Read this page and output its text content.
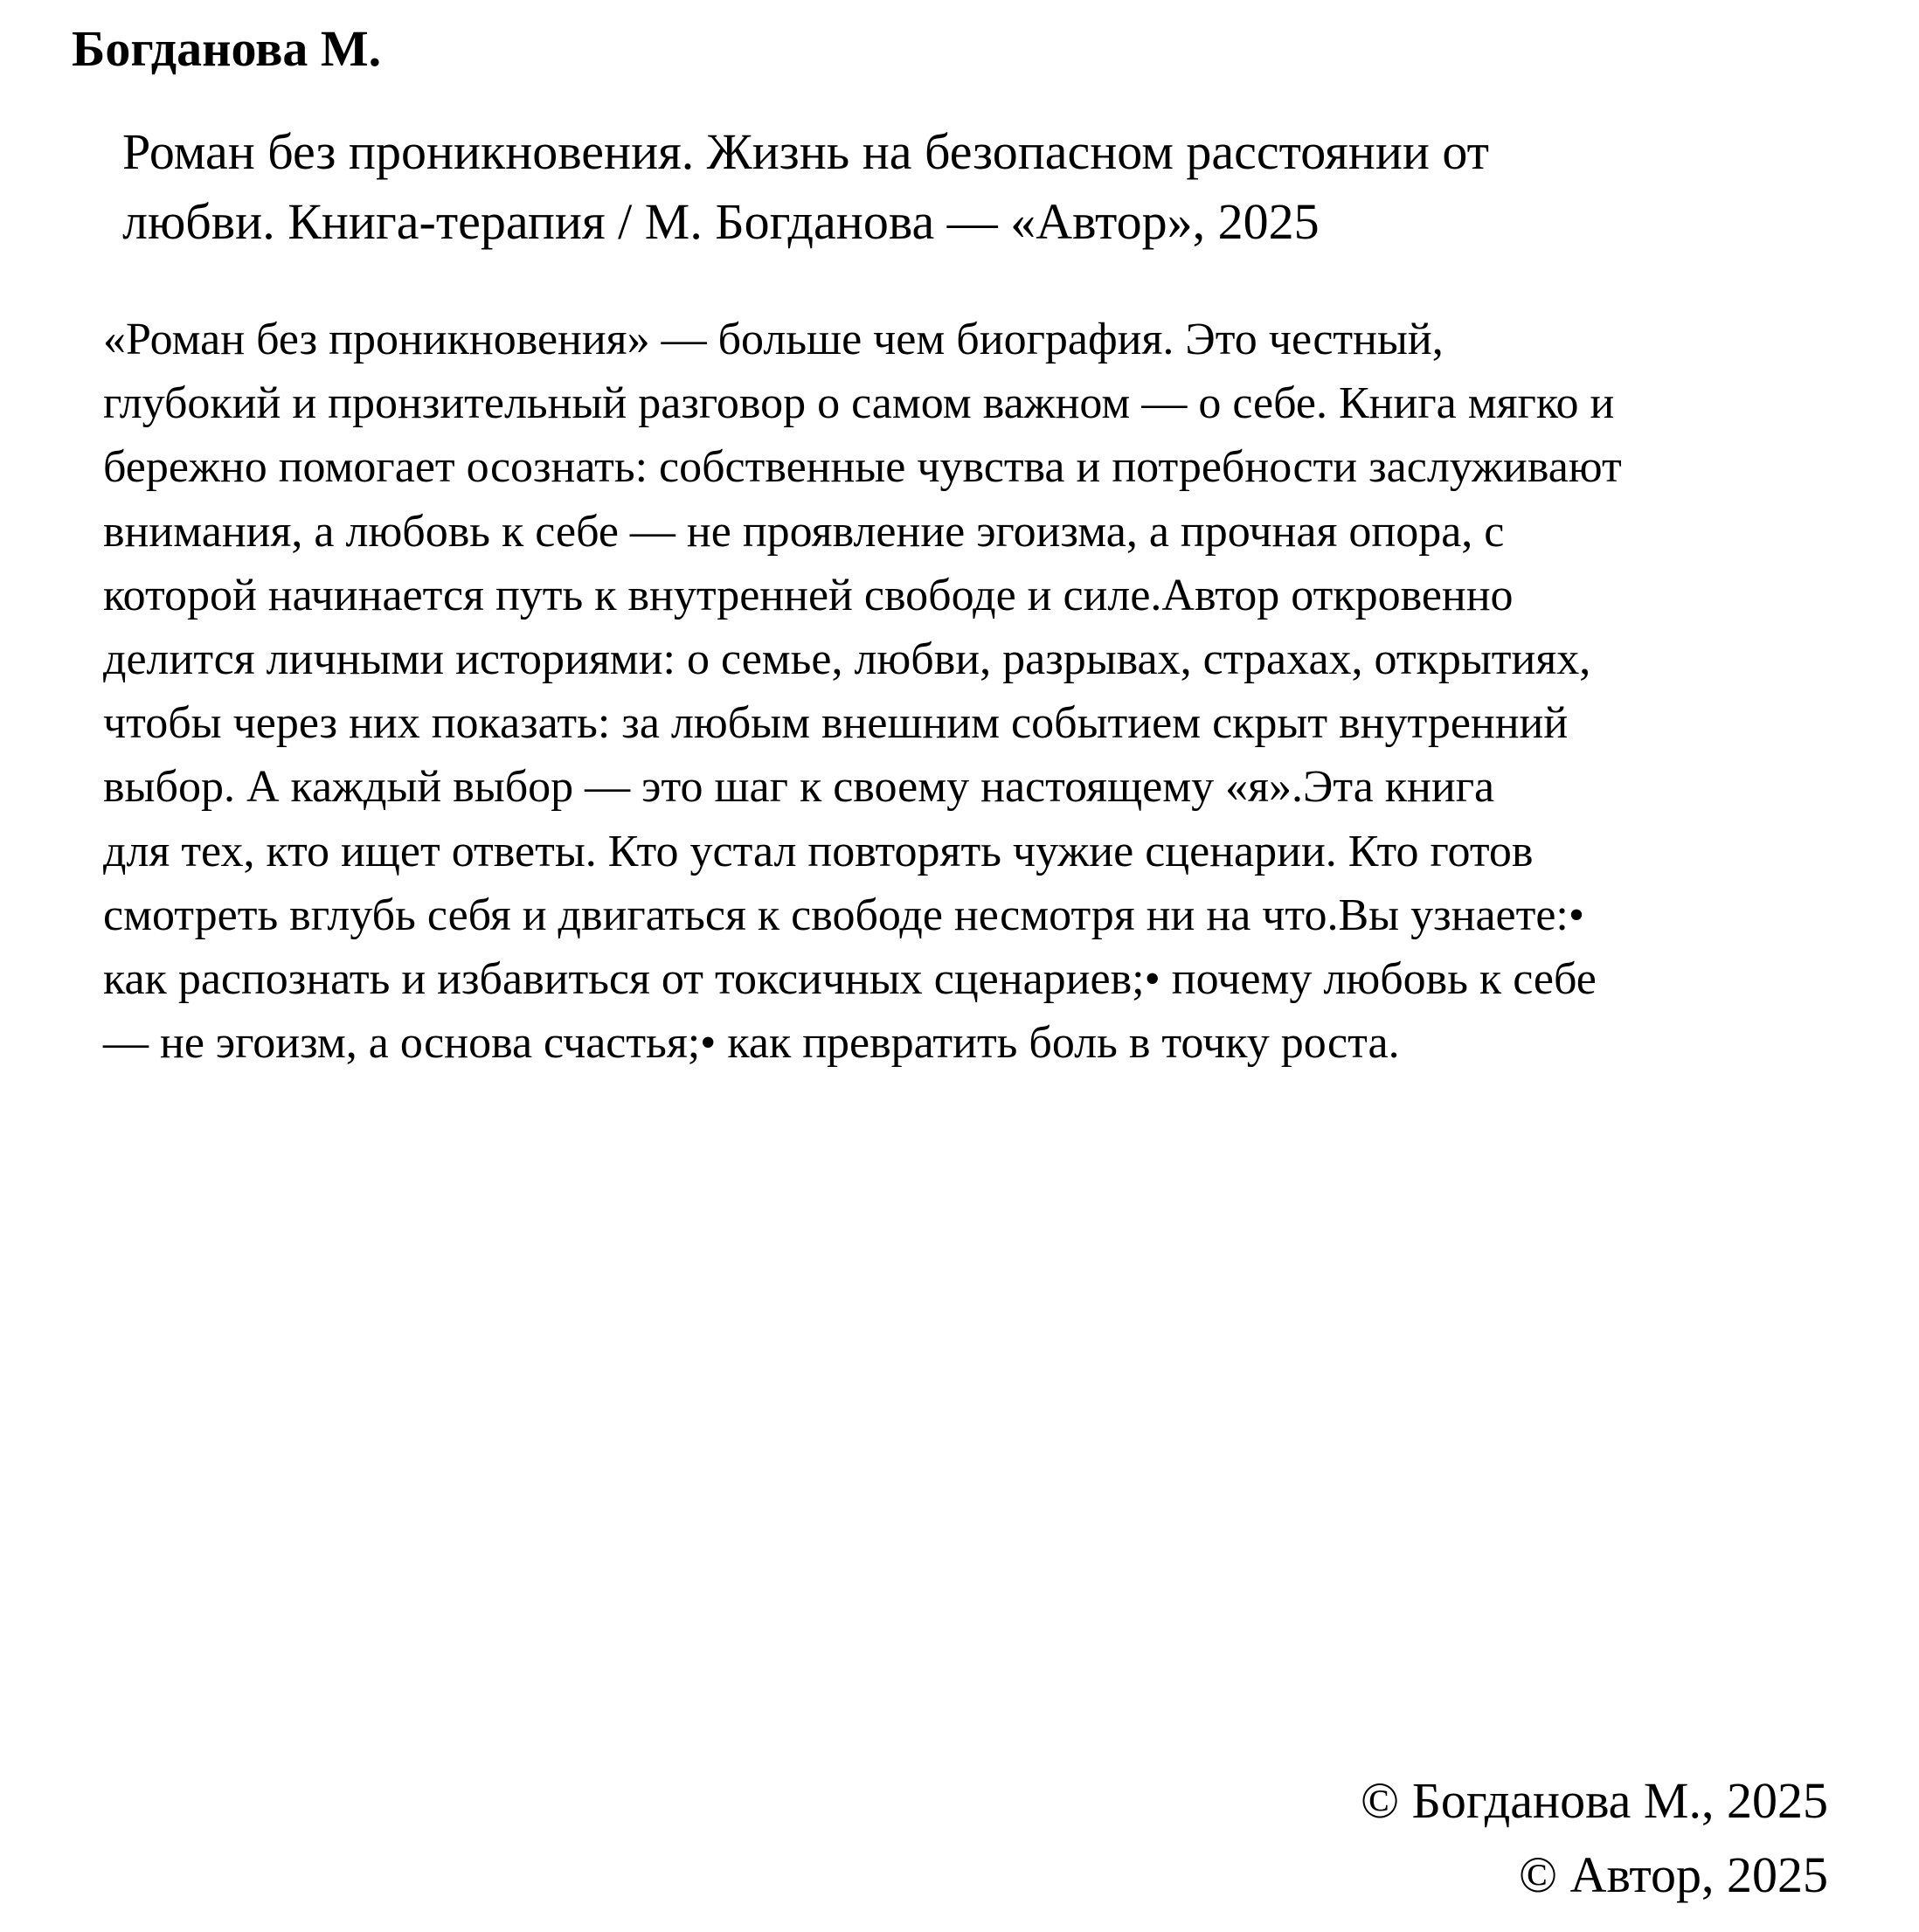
Богданова М.
Роман без проникновения. Жизнь на безопасном расстоянии от
любви. Книга-терапия / М. Богданова — «Автор», 2025
«Роман без проникновения» — больше чем биография. Это честный,
глубокий и пронзительный разговор о самом важном — о себе. Книга мягко и
бережно помогает осознать: собственные чувства и потребности заслуживают
внимания, а любовь к себе — не проявление эгоизма, а прочная опора, с
которой начинается путь к внутренней свободе и силе.Автор откровенно
делится личными историями: о семье, любви, разрывах, страхах, открытиях,
чтобы через них показать: за любым внешним событием скрыт внутренний
выбор. А каждый выбор — это шаг к своему настоящему «я».Эта книга
для тех, кто ищет ответы. Кто устал повторять чужие сценарии. Кто готов
смотреть вглубь себя и двигаться к свободе несмотря ни на что.Вы узнаете:•
как распознать и избавиться от токсичных сценариев;• почему любовь к себе
— не эгоизм, а основа счастья;• как превратить боль в точку роста.
© Богданова М., 2025
© Автор, 2025
